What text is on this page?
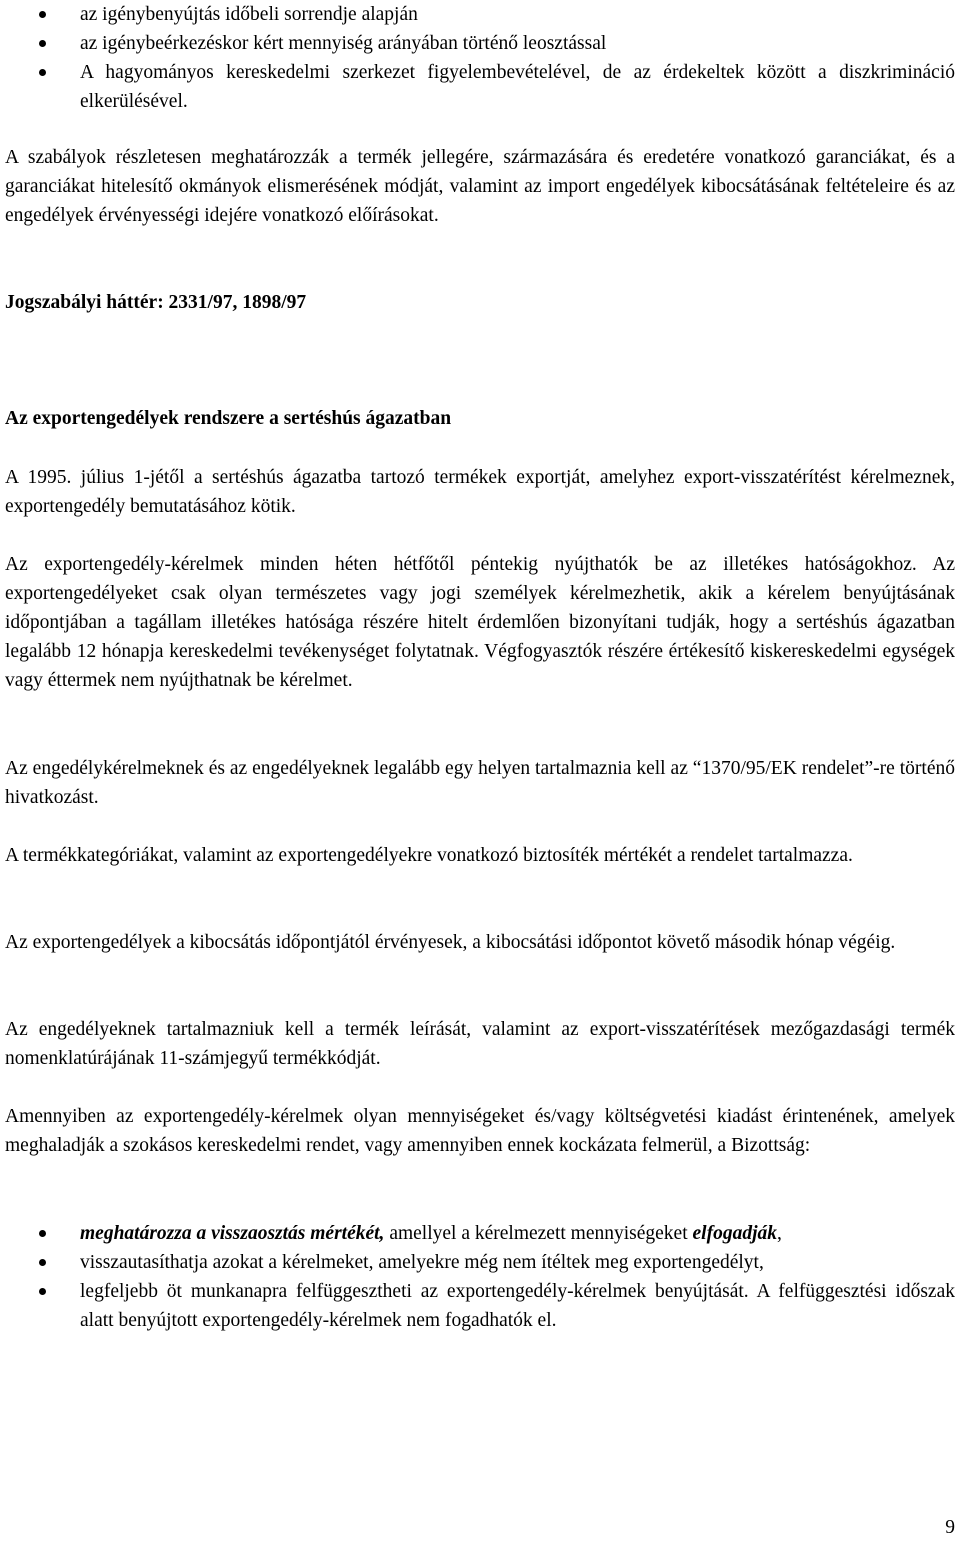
az igénybenyújtás időbeli sorrendje alapján
az igénybeérkezéskor kért mennyiség arányában történő leosztással
A hagyományos kereskedelmi szerkezet figyelembevételével, de az érdekeltek között a diszkrimináció elkerülésével.

A szabályok részletesen meghatározzák a termék jellegére, származására és eredetére vonatkozó garanciákat, és a garanciákat hitelesítő okmányok elismerésének módját, valamint az import engedélyek kibocsátásának feltételeire és az engedélyek érvényességi idejére vonatkozó előírásokat.

Jogszabályi háttér: 2331/97, 1898/97

Az exportengedélyek rendszere a sertéshús ágazatban

A 1995. július 1-jétől a sertéshús ágazatba tartozó termékek exportját, amelyhez export-visszatérítést kérelmeznek, exportengedély bemutatásához kötik.

Az exportengedély-kérelmek minden héten hétfőtől péntekig nyújthatók be az illetékes hatóságokhoz. Az exportengedélyeket csak olyan természetes vagy jogi személyek kérelmezhetik, akik a kérelem benyújtásának időpontjában a tagállam illetékes hatósága részére hitelt érdemlően bizonyítani tudják, hogy a sertéshús ágazatban legalább 12 hónapja kereskedelmi tevékenységet folytatnak. Végfogyasztók részére értékesítő kiskereskedelmi egységek vagy éttermek nem nyújthatnak be kérelmet.

Az engedélykérelmeknek és az engedélyeknek legalább egy helyen tartalmaznia kell az “1370/95/EK rendelet”-re történő hivatkozást.

A termékkategóriákat, valamint az exportengedélyekre vonatkozó biztosíték mértékét a rendelet tartalmazza.

Az exportengedélyek a kibocsátás időpontjától érvényesek, a kibocsátási időpontot követő második hónap végéig.

Az engedélyeknek tartalmazniuk kell a termék leírását, valamint az export-visszatérítések mezőgazdasági termék nomenklatúrájának 11-számjegyű termékkódját.

Amennyiben az exportengedély-kérelmek olyan mennyiségeket és/vagy költségvetési kiadást érintenének, amelyek meghaladják a szokásos kereskedelmi rendet, vagy amennyiben ennek kockázata felmerül, a Bizottság:

meghatározza a visszaosztás mértékét, amellyel a kérelmezett mennyiségeket elfogadják,
visszautasíthatja azokat a kérelmeket, amelyekre még nem ítéltek meg exportengedélyt,
legfeljebb öt munkanapra felfüggesztheti az exportengedély-kérelmek benyújtását. A felfüggesztési időszak alatt benyújtott exportengedély-kérelmek nem fogadhatók el.
9
